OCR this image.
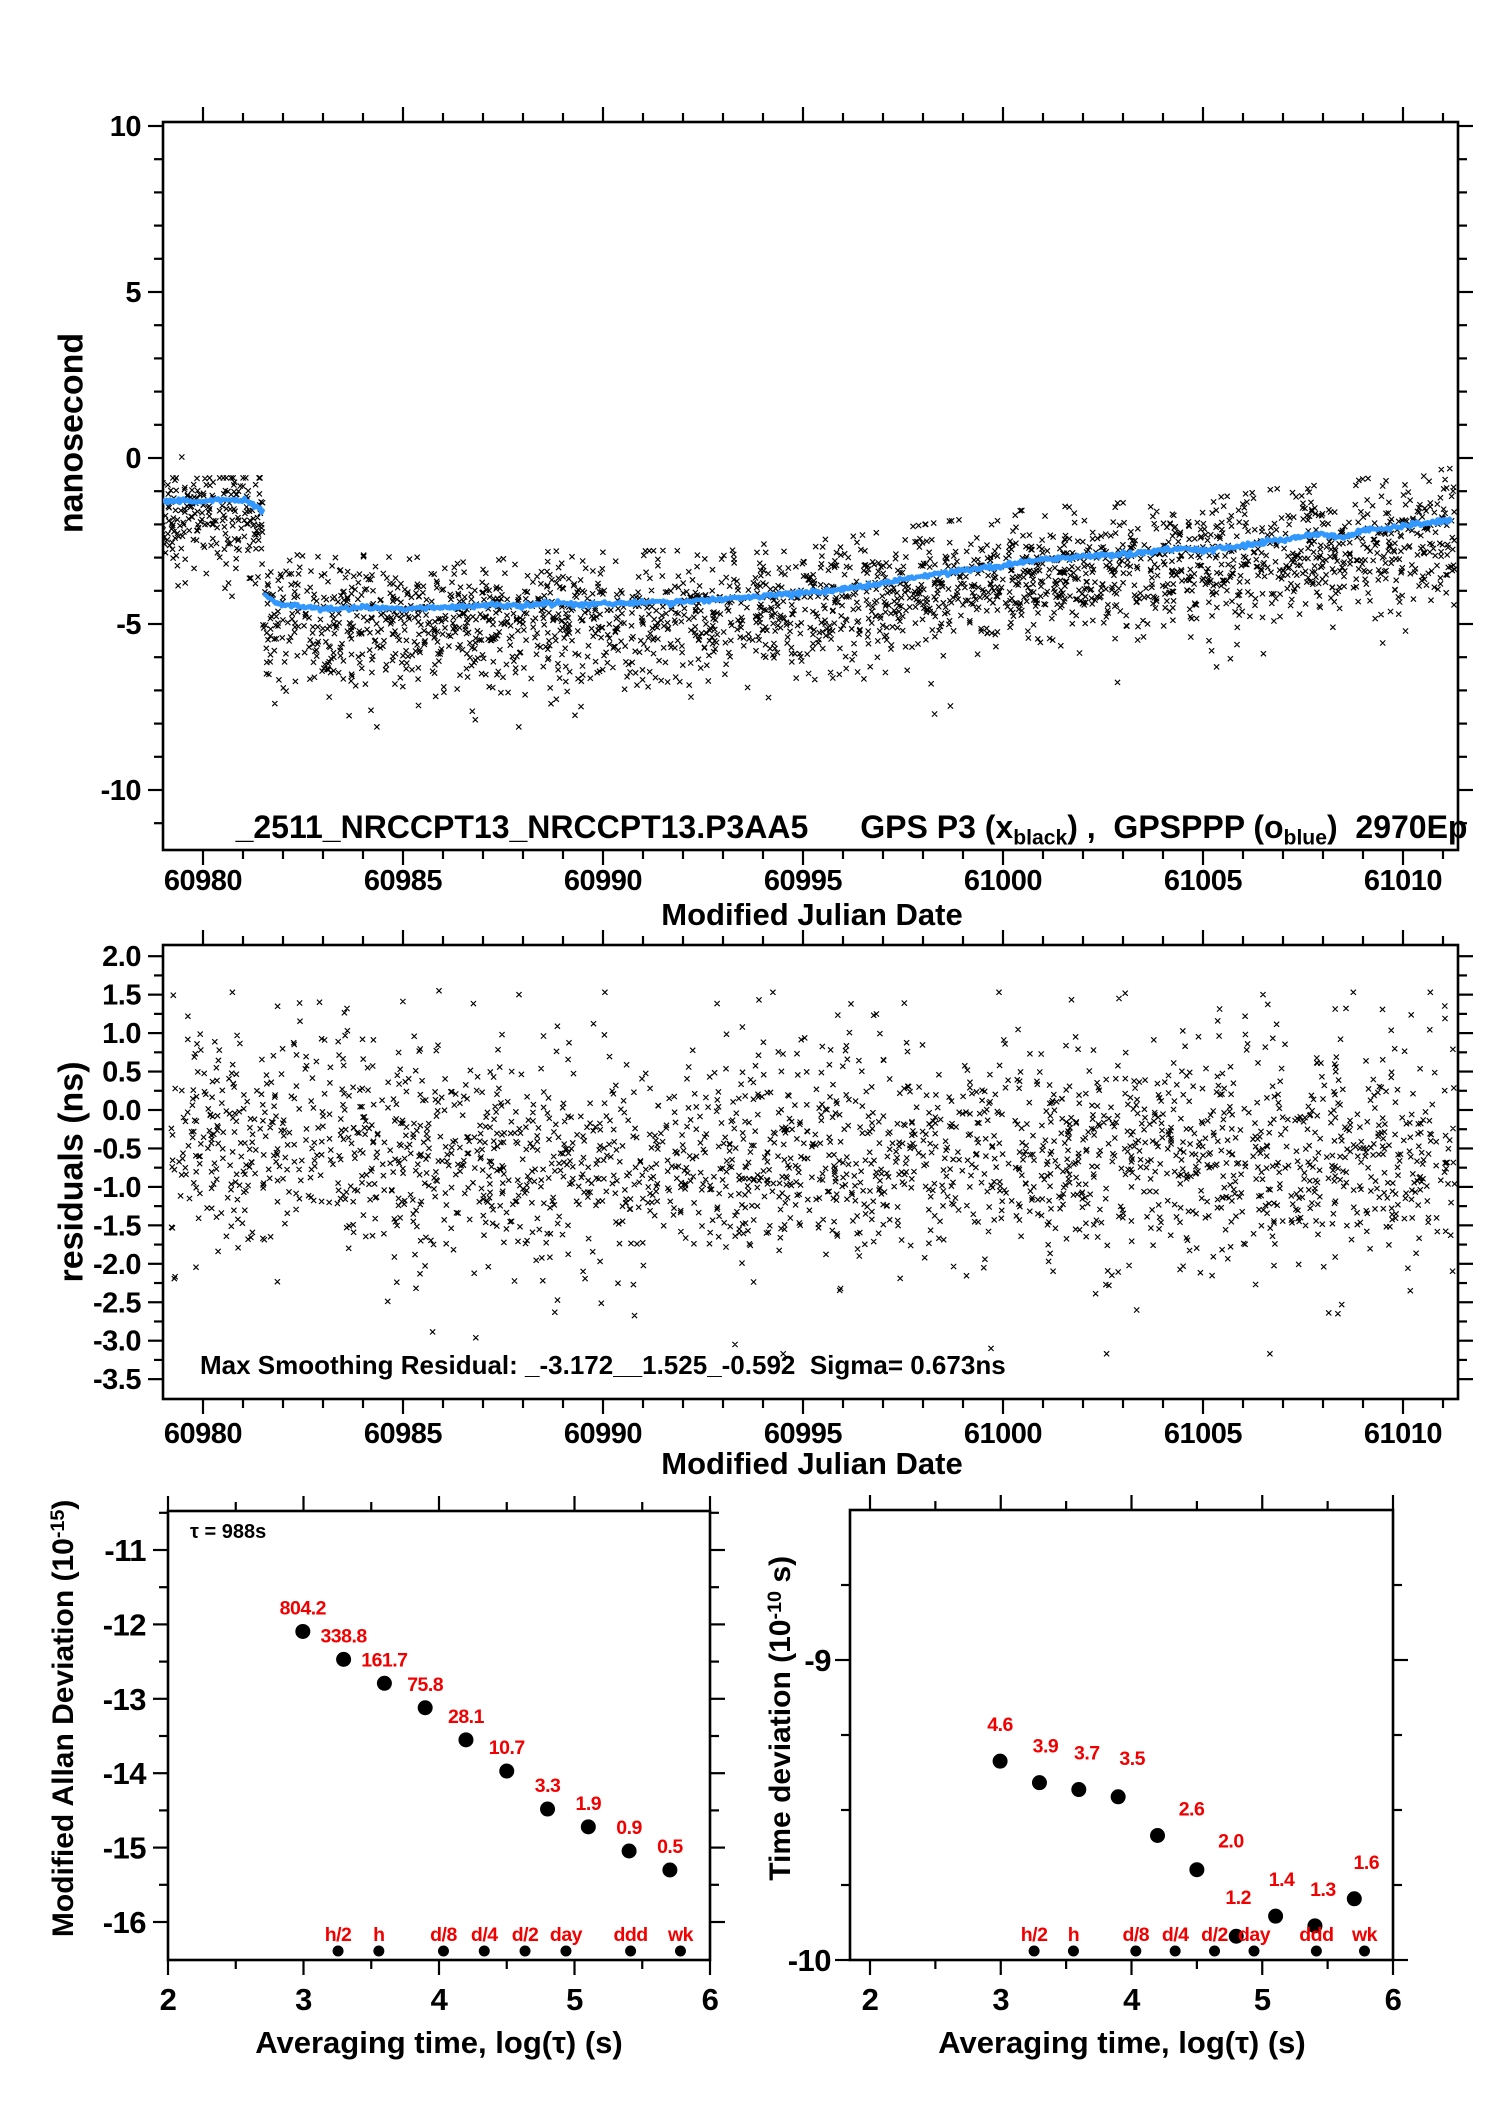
60980
60980
60985
60985
60990
60990
60995
60995
61000
61000
61005
61005
61010
61010
10
5
0
-5
-10
2.0
1.5
1.0
0.5
0.0
-0.5
-1.0
-1.5
-2.0
-2.5
-3.0
-3.5
2	2
3	3
4	4
5	5
6	6
-11
-12
-13
-14
-15
-16
-9
-10
804.2
338.8
161.7
75.8
28.1
10.7
3.3
1.9
0.9
0.5
h/2 h d/8 d/4 d/2 day ddd wk
4.6
3.9 3.7 3.5
2.6
2.0
1.2
1.4 1.3
1.6
h/2 h d/8 d/4 d/2 day ddd wk
nanosecond

_2511_NRCCPT13_NRCCPT13.P3AA5 GPS P3 $(x_{black})$ ,  GPSPPP $(o_{blue})$  2970Ep

Modified Julian Date
residuals (ns)
Max Smoothing Residual: _-3.172__1.525_-0.592  Sigma= 0.673ns
Modified Julian Date

Modified Allan Deviation $(10^{-15})$

τ = 988s
Averaging time, log(τ) (s)

Time deviation ($10^{-10}$ s)

Averaging time, log(τ) (s)
